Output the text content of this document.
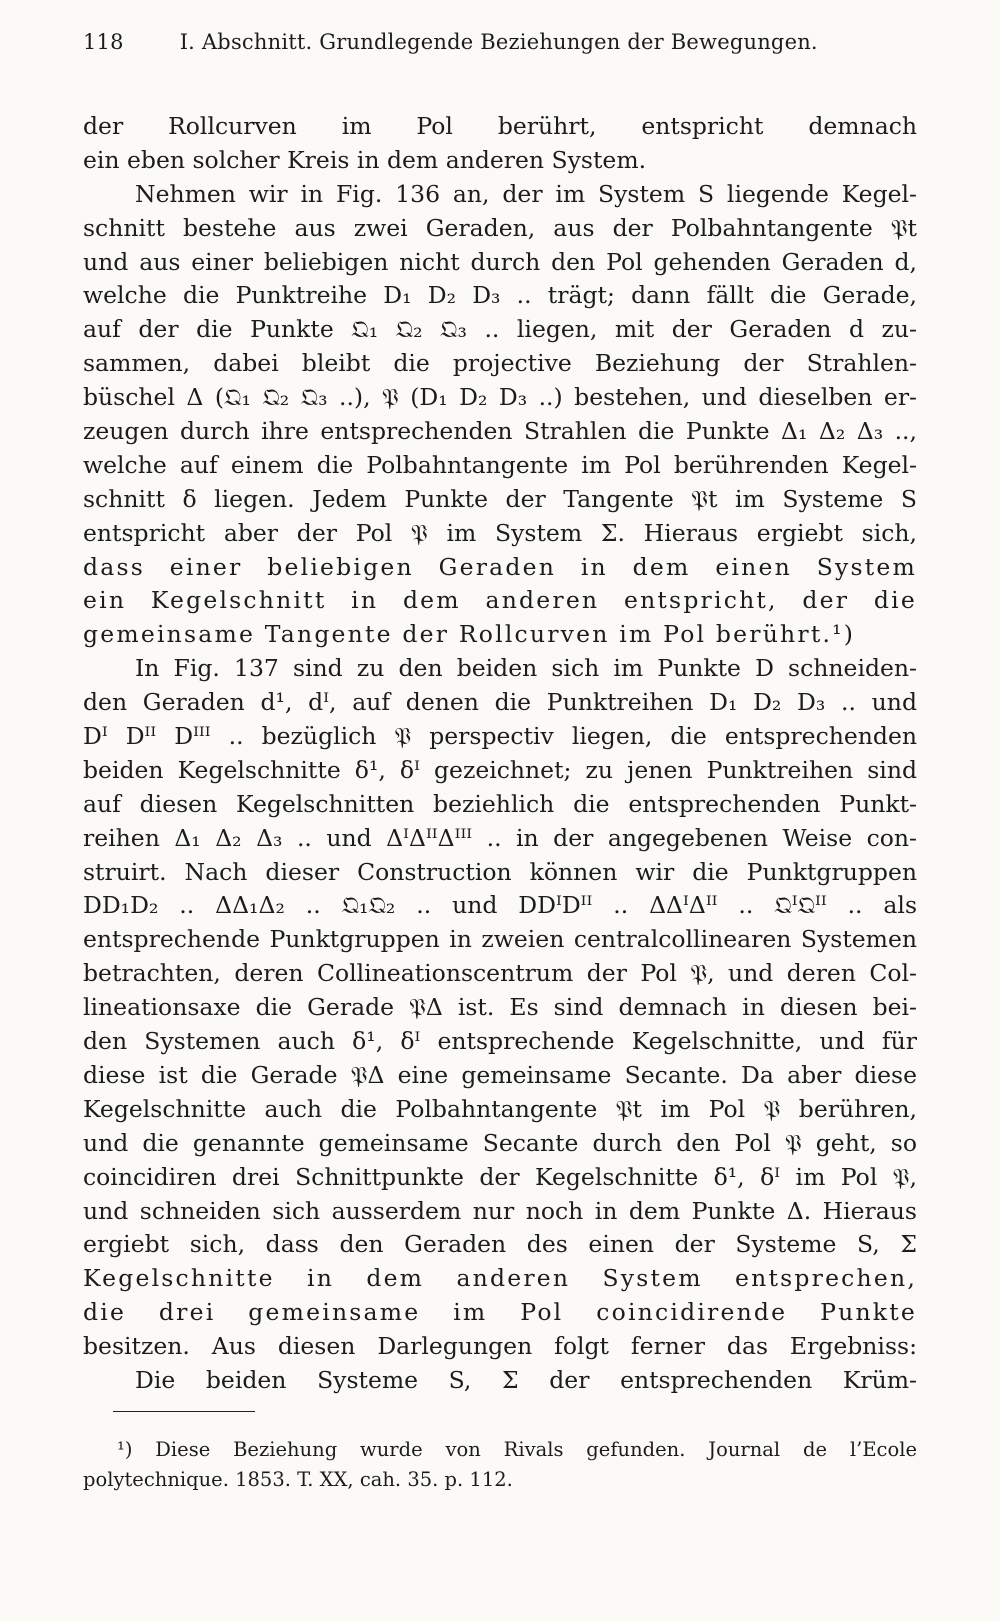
118	I. Abschnitt. Grundlegende Beziehungen der Bewegungen.
der Rollcurven im Pol berührt, entspricht demnach
ein eben solcher Kreis in dem anderen System.
Nehmen wir in Fig. 136 an, der im System S liegende Kegel-
schnitt bestehe aus zwei Geraden, aus der Polbahntangente 𝔓t
und aus einer beliebigen nicht durch den Pol gehenden Geraden d,
welche die Punktreihe D₁ D₂ D₃ .. trägt; dann fällt die Gerade,
auf der die Punkte 𝔔₁ 𝔔₂ 𝔔₃ .. liegen, mit der Geraden d zu-
sammen, dabei bleibt die projective Beziehung der Strahlen-
büschel Δ (𝔔₁ 𝔔₂ 𝔔₃ ..), 𝔓 (D₁ D₂ D₃ ..) bestehen, und dieselben er-
zeugen durch ihre entsprechenden Strahlen die Punkte Δ₁ Δ₂ Δ₃ ..,
welche auf einem die Polbahntangente im Pol berührenden Kegel-
schnitt δ liegen. Jedem Punkte der Tangente 𝔓t im Systeme S
entspricht aber der Pol 𝔓 im System Σ. Hieraus ergiebt sich,
dass einer beliebigen Geraden in dem einen System
ein Kegelschnitt in dem anderen entspricht, der die
gemeinsame Tangente der Rollcurven im Pol berührt.¹)
In Fig. 137 sind zu den beiden sich im Punkte D schneiden-
den Geraden d¹, dᴵ, auf denen die Punktreihen D₁ D₂ D₃ .. und
Dᴵ Dᴵᴵ Dᴵᴵᴵ .. bezüglich 𝔓 perspectiv liegen, die entsprechenden
beiden Kegelschnitte δ¹, δᴵ gezeichnet; zu jenen Punktreihen sind
auf diesen Kegelschnitten beziehlich die entsprechenden Punkt-
reihen Δ₁ Δ₂ Δ₃ .. und ΔᴵΔᴵᴵΔᴵᴵᴵ .. in der angegebenen Weise con-
struirt. Nach dieser Construction können wir die Punktgruppen
DD₁D₂ .. ΔΔ₁Δ₂ .. 𝔔₁𝔔₂ .. und DDᴵDᴵᴵ .. ΔΔᴵΔᴵᴵ .. 𝔔ᴵ𝔔ᴵᴵ .. als
entsprechende Punktgruppen in zweien centralcollinearen Systemen
betrachten, deren Collineationscentrum der Pol 𝔓, und deren Col-
lineationsaxe die Gerade 𝔓Δ ist. Es sind demnach in diesen bei-
den Systemen auch δ¹, δᴵ entsprechende Kegelschnitte, und für
diese ist die Gerade 𝔓Δ eine gemeinsame Secante. Da aber diese
Kegelschnitte auch die Polbahntangente 𝔓t im Pol 𝔓 berühren,
und die genannte gemeinsame Secante durch den Pol 𝔓 geht, so
coincidiren drei Schnittpunkte der Kegelschnitte δ¹, δᴵ im Pol 𝔓,
und schneiden sich ausserdem nur noch in dem Punkte Δ. Hieraus
ergiebt sich, dass den Geraden des einen der Systeme S, Σ
Kegelschnitte in dem anderen System entsprechen,
die drei gemeinsame im Pol coincidirende Punkte
besitzen. Aus diesen Darlegungen folgt ferner das Ergebniss:
Die beiden Systeme S, Σ der entsprechenden Krüm-
¹) Diese Beziehung wurde von Rivals gefunden. Journal de l’Ecole
polytechnique. 1853. T. XX, cah. 35. p. 112.
